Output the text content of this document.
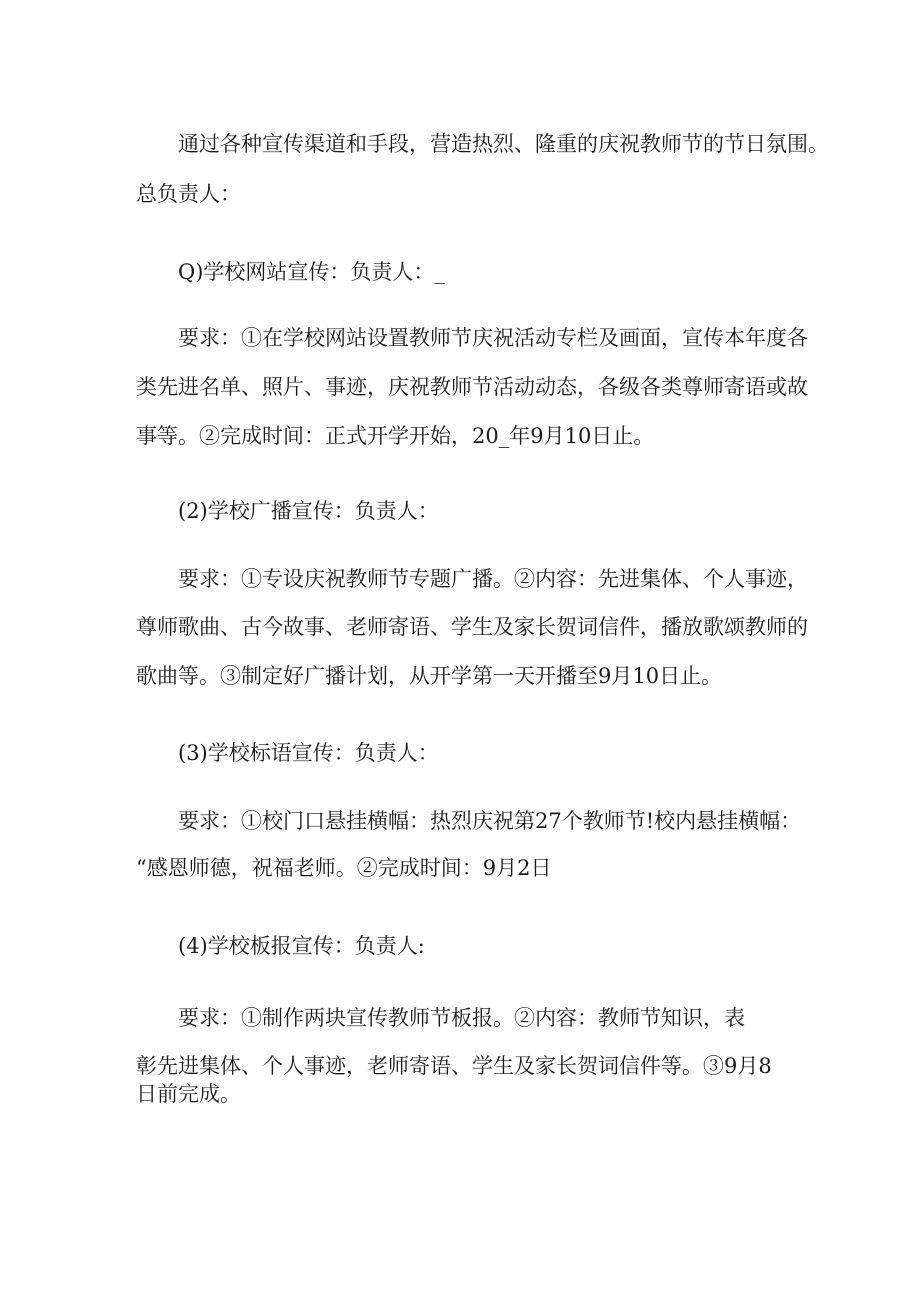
通过各种宣传渠道和手段，营造热烈、隆重的庆祝教师节的节日氛围。
总负责人：
Q)学校网站宣传：负责人：_
要求：①在学校网站设置教师节庆祝活动专栏及画面，宣传本年度各
类先进名单、照片、事迹，庆祝教师节活动动态，各级各类尊师寄语或故
事等。②完成时间：正式开学开始，20_年9月10日止。
(2)学校广播宣传：负责人：
要求：①专设庆祝教师节专题广播。②内容：先进集体、个人事迹，
尊师歌曲、古今故事、老师寄语、学生及家长贺词信件，播放歌颂教师的
歌曲等。③制定好广播计划，从开学第一天开播至9月10日止。
(3)学校标语宣传：负责人：
要求：①校门口悬挂横幅：热烈庆祝第27个教师节!校内悬挂横幅：
“感恩师德，祝福老师。②完成时间：9月2日
(4)学校板报宣传：负责人:
要求：①制作两块宣传教师节板报。②内容：教师节知识，表
彰先进集体、个人事迹，老师寄语、学生及家长贺词信件等。③9月8
日前完成。
